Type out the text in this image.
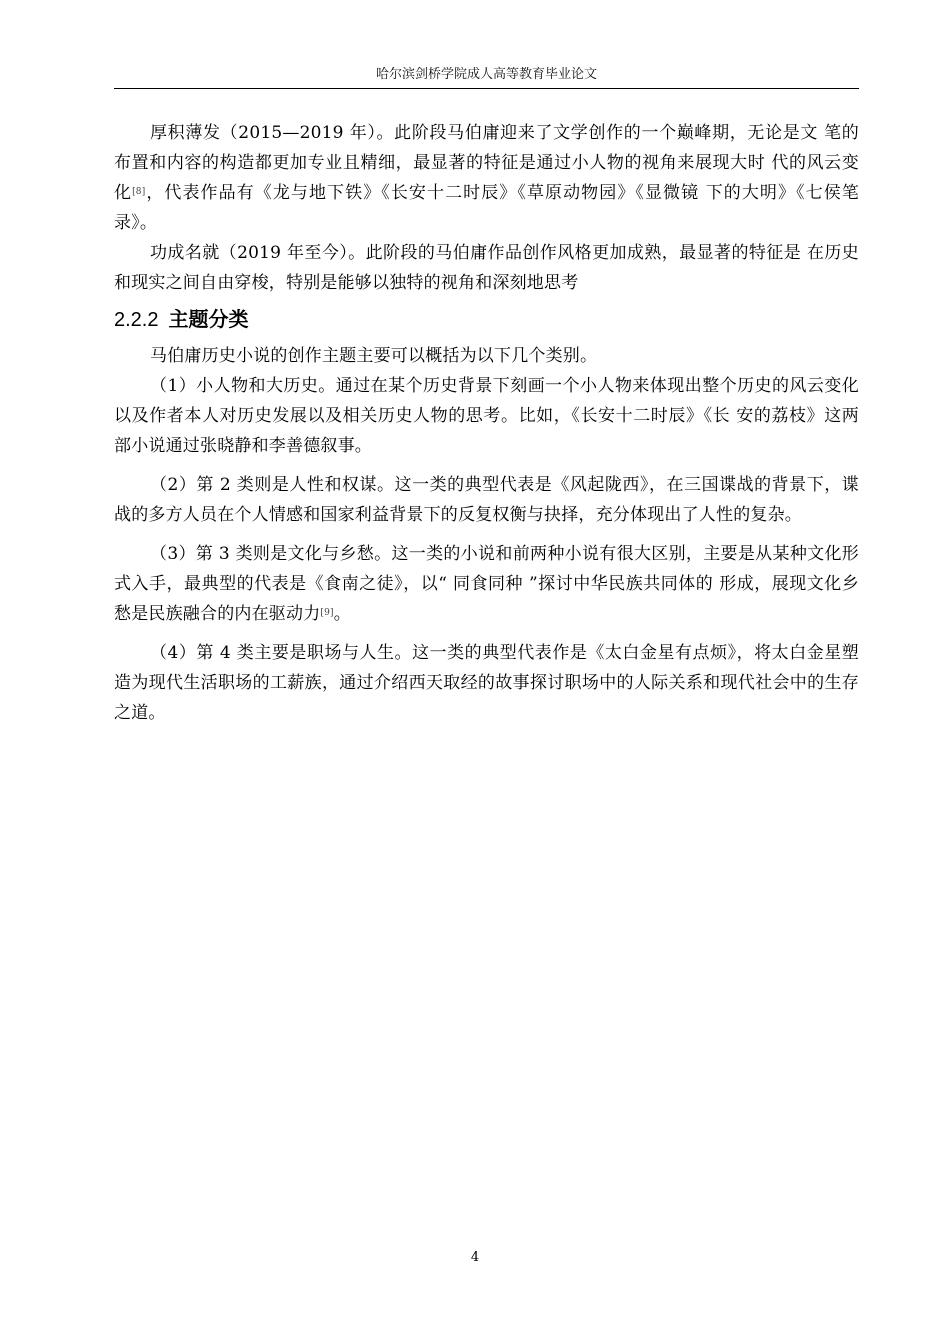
哈尔滨剑桥学院成人高等教育毕业论文

厚积薄发（2015—2019 年）。此阶段马伯庸迎来了文学创作的一个巅峰期，无论是文 笔的布置和内容的构造都更加专业且精细，最显著的特征是通过小人物的视角来展现大时 代的风云变化[8]，代表作品有《龙与地下铁》《长安十二时辰》《草原动物园》《显微镜 下的大明》《七侯笔录》。

功成名就（2019 年至今）。此阶段的马伯庸作品创作风格更加成熟，最显著的特征是 在历史和现实之间自由穿梭，特别是能够以独特的视角和深刻地思考

2.2.2 主题分类

马伯庸历史小说的创作主题主要可以概括为以下几个类别。

（1）小人物和大历史。通过在某个历史背景下刻画一个小人物来体现出整个历史的风云变化以及作者本人对历史发展以及相关历史人物的思考。比如，《长安十二时辰》《长 安的荔枝》这两部小说通过张晓静和李善德叙事。

（2）第 2 类则是人性和权谋。这一类的典型代表是《风起陇西》，在三国谍战的背景下，谍战的多方人员在个人情感和国家利益背景下的反复权衡与抉择，充分体现出了人性的复杂。

（3）第 3 类则是文化与乡愁。这一类的小说和前两种小说有很大区别，主要是从某种文化形式入手，最典型的代表是《食南之徒》，以“ 同食同种 ”探讨中华民族共同体的 形成，展现文化乡愁是民族融合的内在驱动力[9]。

（4）第 4 类主要是职场与人生。这一类的典型代表作是《太白金星有点烦》，将太白金星塑造为现代生活职场的工薪族，通过介绍西天取经的故事探讨职场中的人际关系和现代社会中的生存之道。

4
